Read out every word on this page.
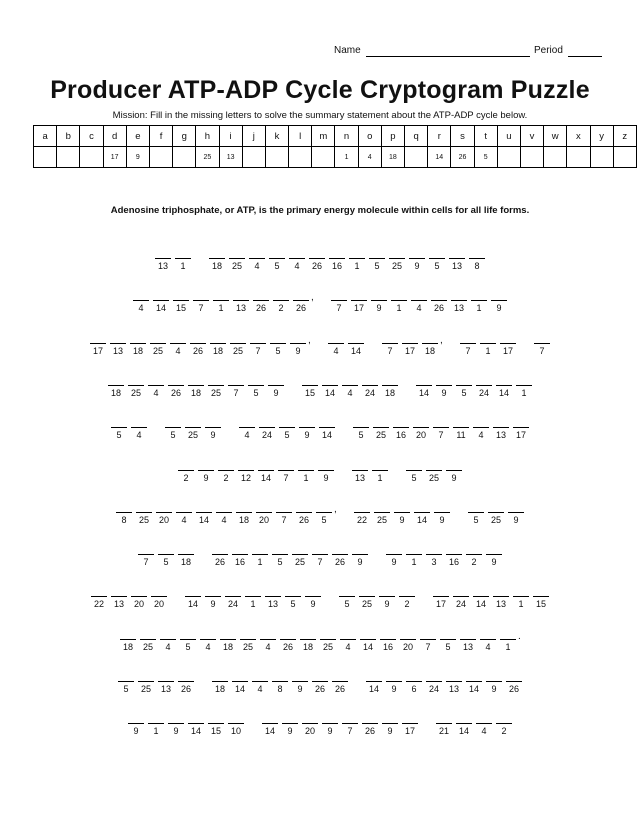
Name	Period
Producer ATP-ADP Cycle Cryptogram Puzzle
Mission: Fill in the missing letters to solve the summary statement about the ATP-ADP cycle below.
a	b	c	d	e	f	g	h	i	j	k	l	m	n	o	p	q	r	s	t	u	v	w	x	y	z
			17	9			25	13					1	4	18		14	26	5						
Adenosine triphosphate, or ATP, is the primary energy molecule within cells for all life forms.
13	1	18	25	4	5	4	26	16	1	5	25	9	5	13	8
4	14	15	7	1	13	26	2	26
,
7	17	9	1	4	26	13	1	9
17	13	18	25	4	26	18	25	7	5	9
,
4	14	7	17	18
,
7	1	17	7
18	25	4	26	18	25	7	5	9	15	14	4	24	18	14	9	5	24	14	1
5	4	5	25	9	4	24	5	9	14	5	25	16	20	7	11	4	13	17
2	9	2	12	14	7	1	9	13	1	5	25	9
8	25	20	4	14	4	18	20	7	26	5
,
22	25	9	14	9	5	25	9
7	5	18	26	16	1	5	25	7	26	9	9	1	3	16	2	9
22	13	20	20	14	9	24	1	13	5	9	5	25	9	2	17	24	14	13	1	15
18	25	4	5	4	18	25	4	26	18	25	4	14	16	20	7	5	13	4	1
.
5	25	13	26	18	14	4	8	9	26	26	14	9	6	24	13	14	9	26
9	1	9	14	15	10	14	9	20	9	7	26	9	17	21	14	4	2
